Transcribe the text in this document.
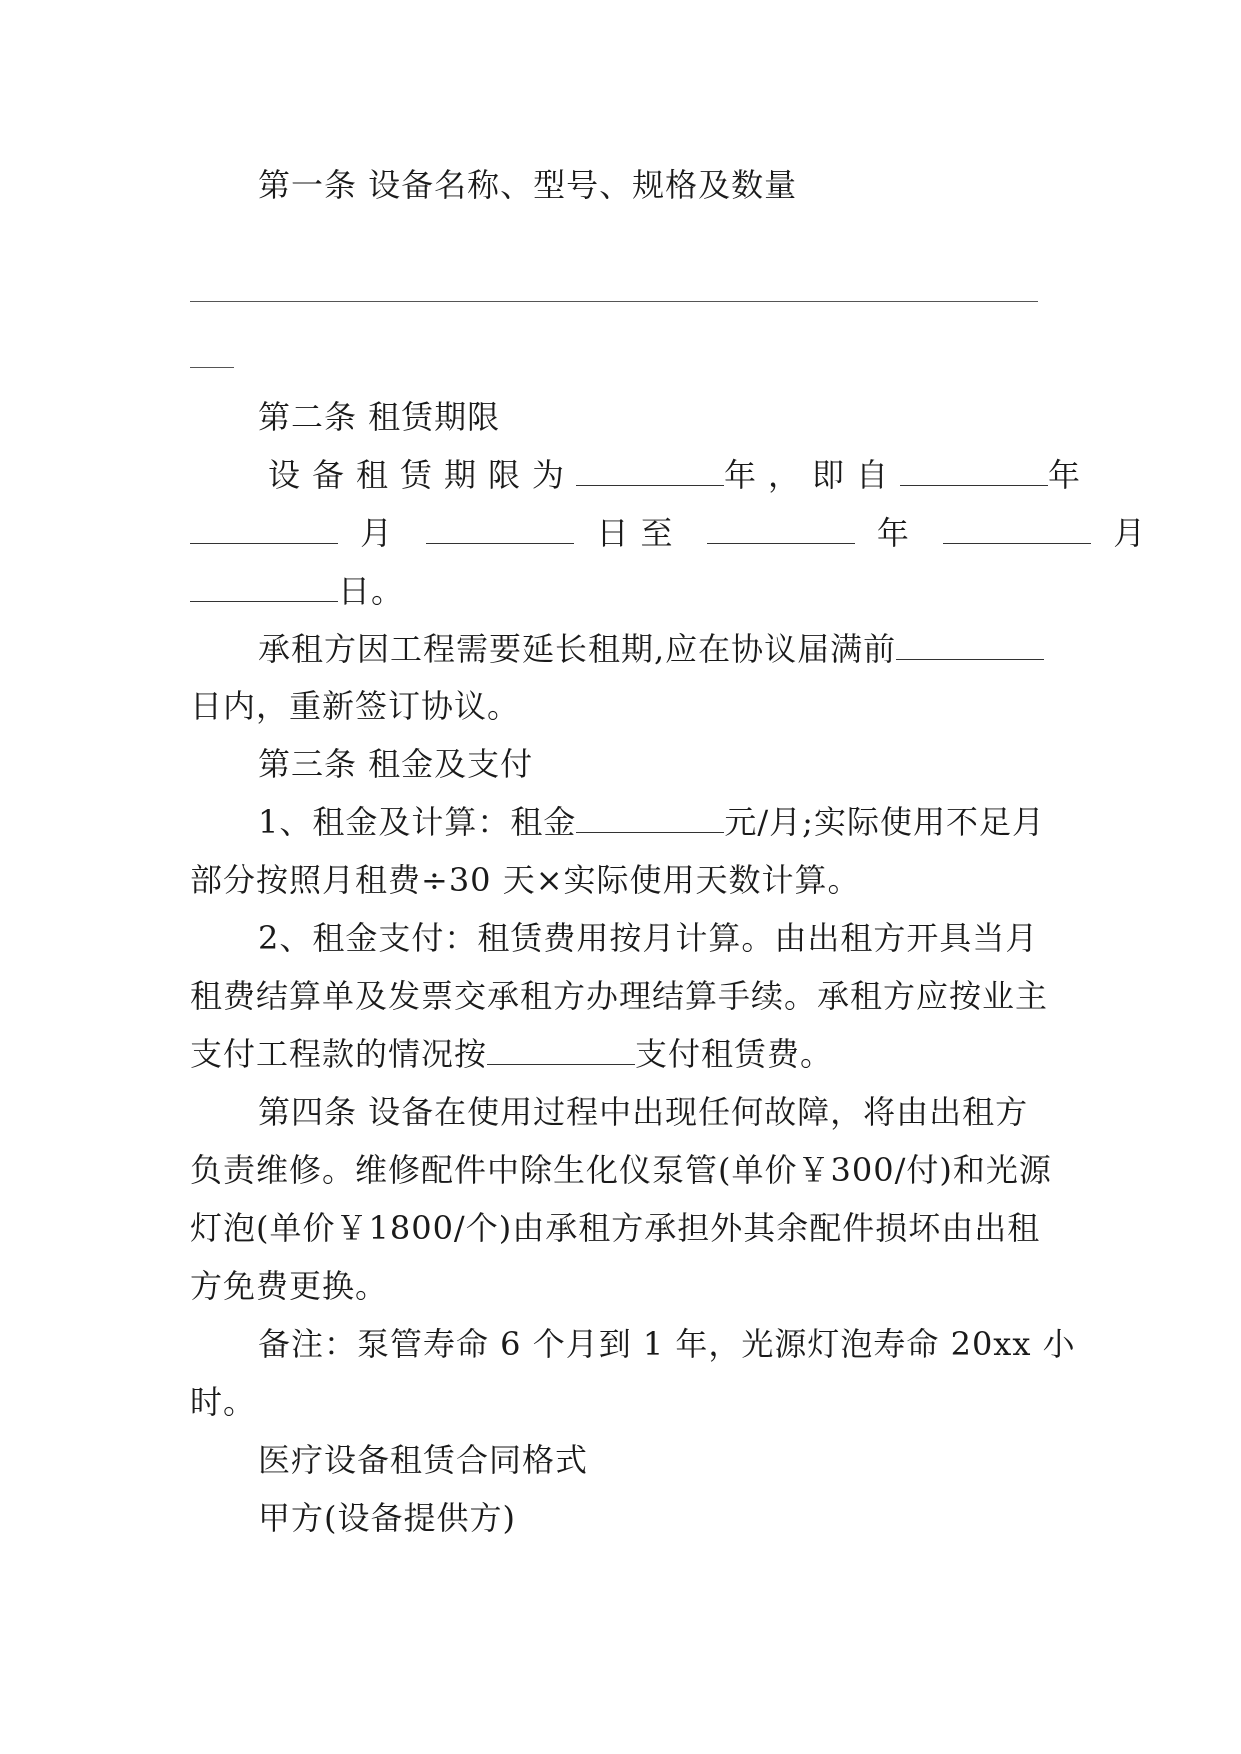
第一条 设备名称、型号、规格及数量
第二条 租赁期限
设备租赁期限为	年，即自	年
月	日至	年	月
日。
承租方因工程需要延长租期,应在协议届满前
日内，重新签订协议。
第三条 租金及支付
1、租金及计算：租金	元/月;实际使用不足月
部分按照月租费÷30 天×实际使用天数计算。
2、租金支付：租赁费用按月计算。由出租方开具当月
租费结算单及发票交承租方办理结算手续。承租方应按业主
支付工程款的情况按	支付租赁费。
第四条 设备在使用过程中出现任何故障，将由出租方
负责维修。维修配件中除生化仪泵管(单价￥300/付)和光源
灯泡(单价￥1800/个)由承租方承担外其余配件损坏由出租
方免费更换。
备注：泵管寿命 6 个月到 1 年，光源灯泡寿命 20xx 小
时。
医疗设备租赁合同格式
甲方(设备提供方)
